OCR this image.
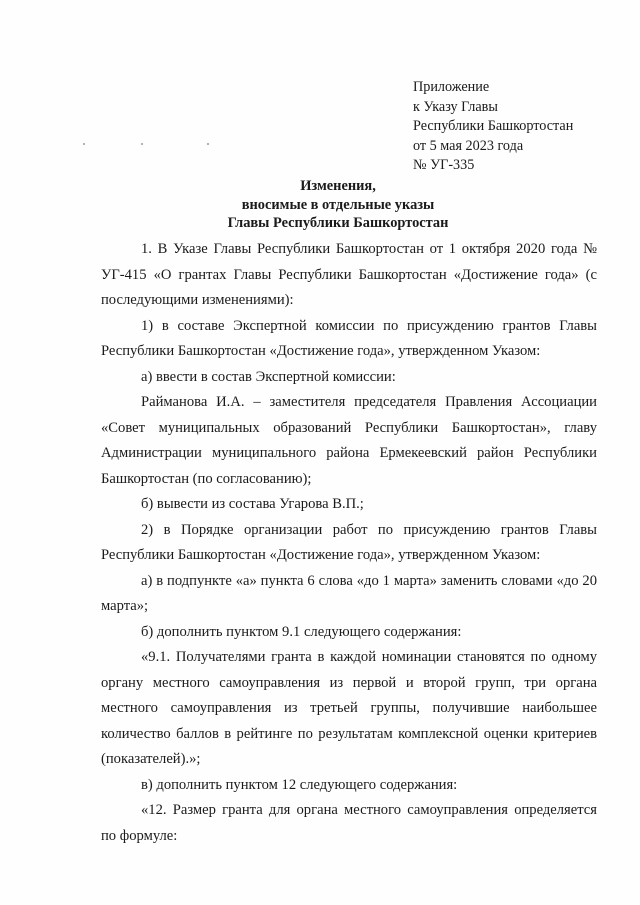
Приложение
к Указу Главы
Республики Башкортостан
от 5 мая 2023 года
№ УГ-335
Изменения,
вносимые в отдельные указы
Главы Республики Башкортостан

1. В Указе Главы Республики Башкортостан от 1 октября 2020 года № УГ-415 «О грантах Главы Республики Башкортостан «Достижение года» (с последующими изменениями):

1) в составе Экспертной комиссии по присуждению грантов Главы Республики Башкортостан «Достижение года», утвержденном Указом:

а) ввести в состав Экспертной комиссии:

Райманова И.А. – заместителя председателя Правления Ассоциации «Совет муниципальных образований Республики Башкортостан», главу Администрации муниципального района Ермекеевский район Республики Башкортостан (по согласованию);

б) вывести из состава Угарова В.П.;

2) в Порядке организации работ по присуждению грантов Главы Республики Башкортостан «Достижение года», утвержденном Указом:

а) в подпункте «а» пункта 6 слова «до 1 марта» заменить словами «до 20 марта»;

б) дополнить пунктом 9.1 следующего содержания:

«9.1. Получателями гранта в каждой номинации становятся по одному органу местного самоуправления из первой и второй групп, три органа местного самоуправления из третьей группы, получившие наибольшее количество баллов в рейтинге по результатам комплексной оценки критериев (показателей).»;

в) дополнить пунктом 12 следующего содержания:

«12. Размер гранта для органа местного самоуправления определяется по формуле:
